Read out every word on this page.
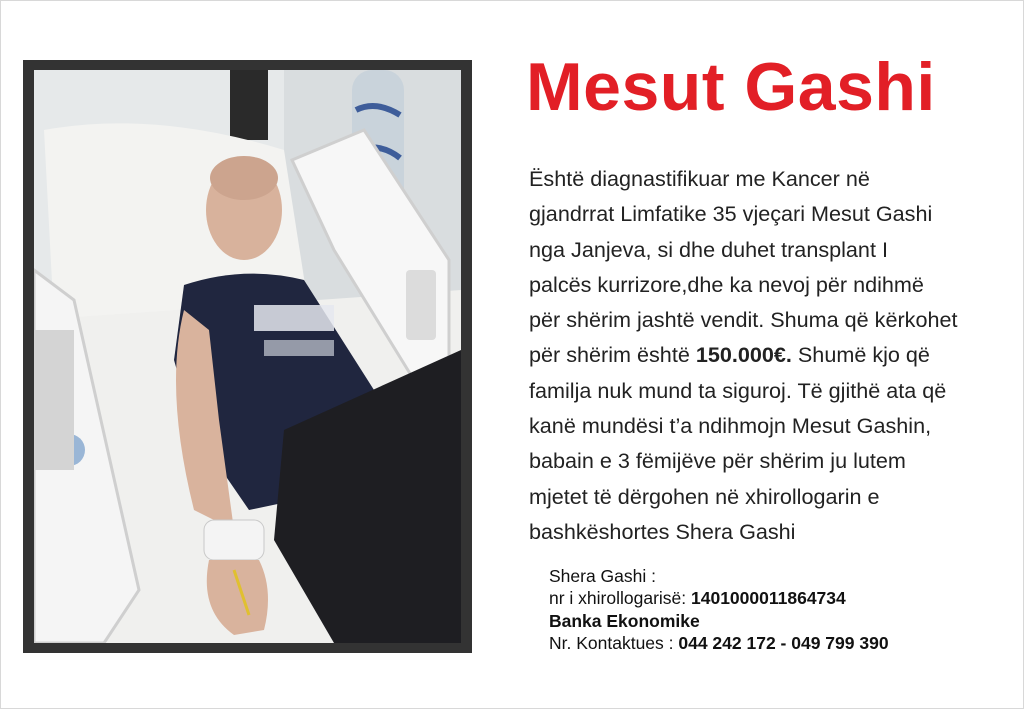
Mesut Gashi
Është diagnastifikuar me Kancer në
gjandrrat Limfatike 35 vjeçari Mesut Gashi
nga Janjeva, si dhe duhet transplant I
palcës kurrizore,dhe ka nevoj për ndihmë
për shërim jashtë vendit. Shuma që kërkohet
për shërim është 150.000€. Shumë kjo që
familja nuk mund ta siguroj. Të gjithë ata që
kanë mundësi t’a ndihmojn Mesut Gashin,
babain e 3 fëmijëve për shërim ju lutem
mjetet të dërgohen në xhirollogarin e
bashkëshortes Shera Gashi
Shera Gashi :
nr i xhirollogarisë: 1401000011864734
Banka Ekonomike
Nr. Kontaktues : 044 242 172 - 049 799 390
